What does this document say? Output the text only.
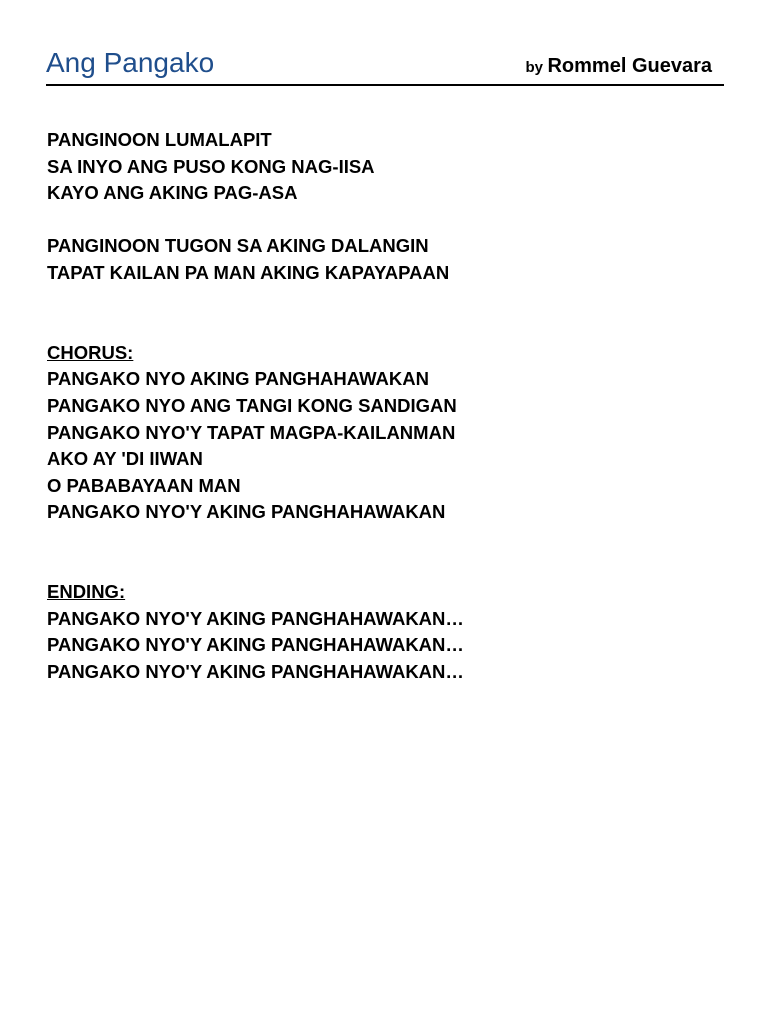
Ang Pangako	by Rommel Guevara
PANGINOON LUMALAPIT
SA INYO ANG PUSO KONG NAG-IISA
KAYO ANG AKING PAG-ASA
PANGINOON TUGON SA AKING DALANGIN
TAPAT KAILAN PA MAN AKING KAPAYAPAAN
CHORUS:
PANGAKO NYO AKING PANGHAHAWAKAN
PANGAKO NYO ANG TANGI KONG SANDIGAN
PANGAKO NYO'Y TAPAT MAGPA-KAILANMAN
AKO AY 'DI IIWAN
O PABABAYAAN MAN
PANGAKO NYO'Y AKING PANGHAHAWAKAN
ENDING:
PANGAKO NYO'Y AKING PANGHAHAWAKAN…
PANGAKO NYO'Y AKING PANGHAHAWAKAN…
PANGAKO NYO'Y AKING PANGHAHAWAKAN…
